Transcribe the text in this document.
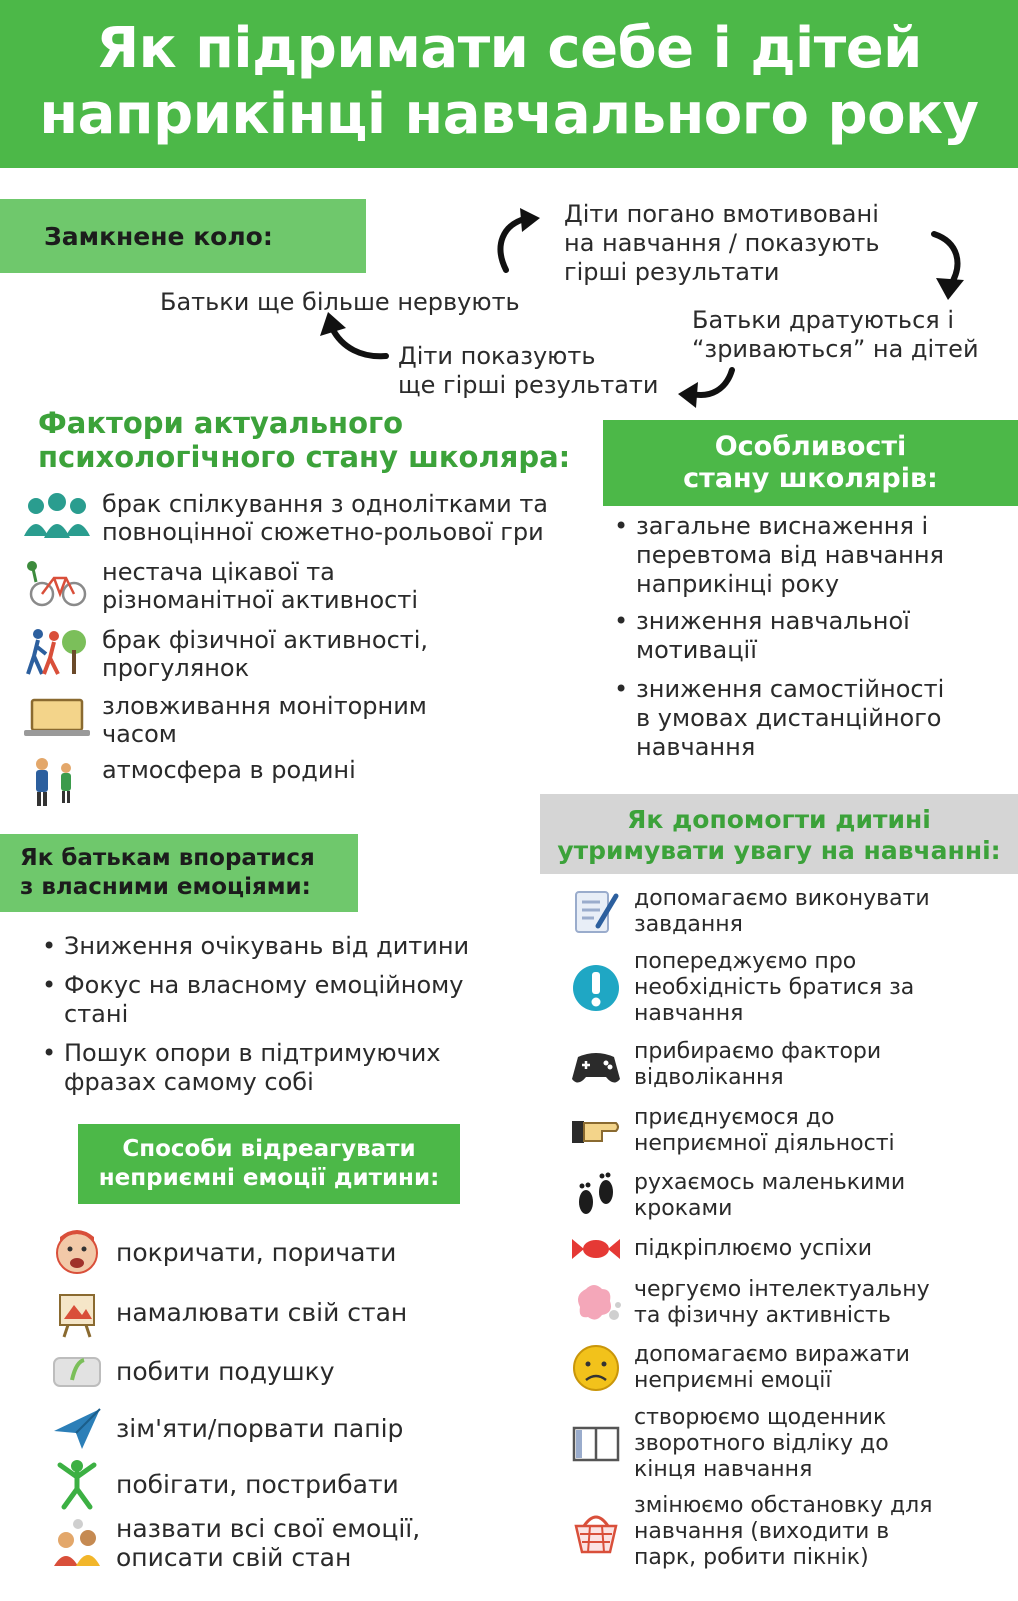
Як підримати себе і дітей
наприкінці навчального року
Замкнене коло:
Діти погано вмотивовані
на навчання / показують
гірші результати
Батьки дратуються і
“зриваються” на дітей
Діти показують
ще гірші результати
Батьки ще більше нервують
Фактори актуального
психологічного стану школяра:
брак спілкування з однолітками та
повноцінної сюжетно-рольової гри
нестача цікавої та
різноманітної активності
брак фізичної активності,
прогулянок
зловживання моніторним
часом
атмосфера в родині
Особливості
стану школярів:
• загальне виснаження і
перевтома від навчання
наприкінці року
• зниження навчальної
мотивації
• зниження самостійності
в умовах дистанційного
навчання
Як батькам впоратися
з власними емоціями:
• Зниження очікувань від дитини
• Фокус на власному емоційному
стані
• Пошук опори в підтримуючих
фразах самому собі
Способи відреагувати
неприємні емоції дитини:
покричати, поричати
намалювати свій стан
побити подушку
зім'яти/порвати папір
побігати, пострибати
назвати всі свої емоції,
описати свій стан
Як допомогти дитині
утримувати увагу на навчанні:
допомагаємо виконувати
завдання
попереджуємо про
необхідність братися за
навчання
прибираємо фактори
відволікання
приєднуємося до
неприємної діяльності
рухаємось маленькими
кроками
підкріплюємо успіхи
чергуємо інтелектуальну
та фізичну активність
допомагаємо виражати
неприємні емоції
створюємо щоденник
зворотного відліку до
кінця навчання
змінюємо обстановку для
навчання (виходити в
парк, робити пікнік)
